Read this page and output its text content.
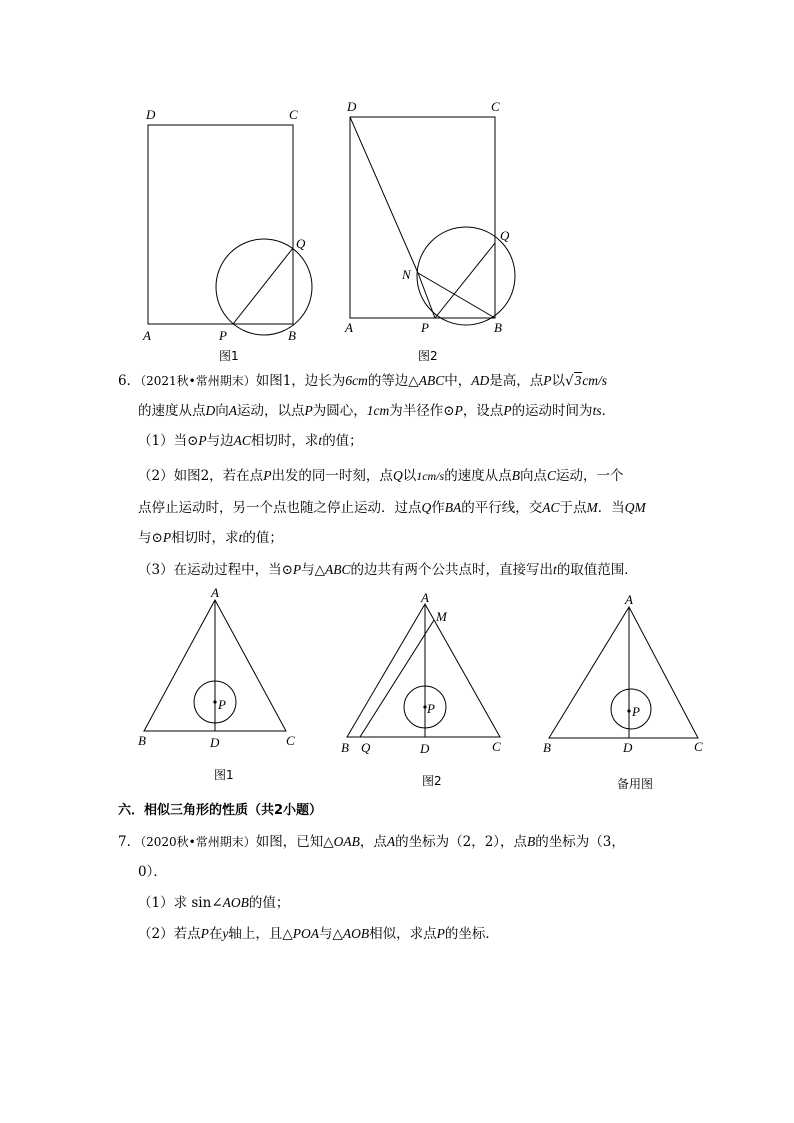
D	C
Q
A	P	B
图1
D	C
Q
N
A	P	B
图2
A
P
B	D	C
图1
A
M
P
B Q	D	C
图2
A
P
B	D	C
备用图
6．（2021秋•常州期末）如图1，边长为6cm的等边△ABC中，AD是高，点P以√3cm/s
的速度从点D向A运动，以点P为圆心，1cm为半径作⊙P，设点P的运动时间为ts．
（1）当⊙P与边AC相切时，求t的值；
（2）如图2，若在点P出发的同一时刻，点Q以1cm/s的速度从点B向点C运动，一个
点停止运动时，另一个点也随之停止运动．过点Q作BA的平行线，交AC于点M．当QM
与⊙P相切时，求t的值；
（3）在运动过程中，当⊙P与△ABC的边共有两个公共点时，直接写出t的取值范围．
六．相似三角形的性质（共2小题）
7．（2020秋•常州期末）如图，已知△OAB，点A的坐标为（2，2），点B的坐标为（3，
0）．
（1）求 sin∠AOB的值；
（2）若点P在y轴上，且△POA与△AOB相似，求点P的坐标．
